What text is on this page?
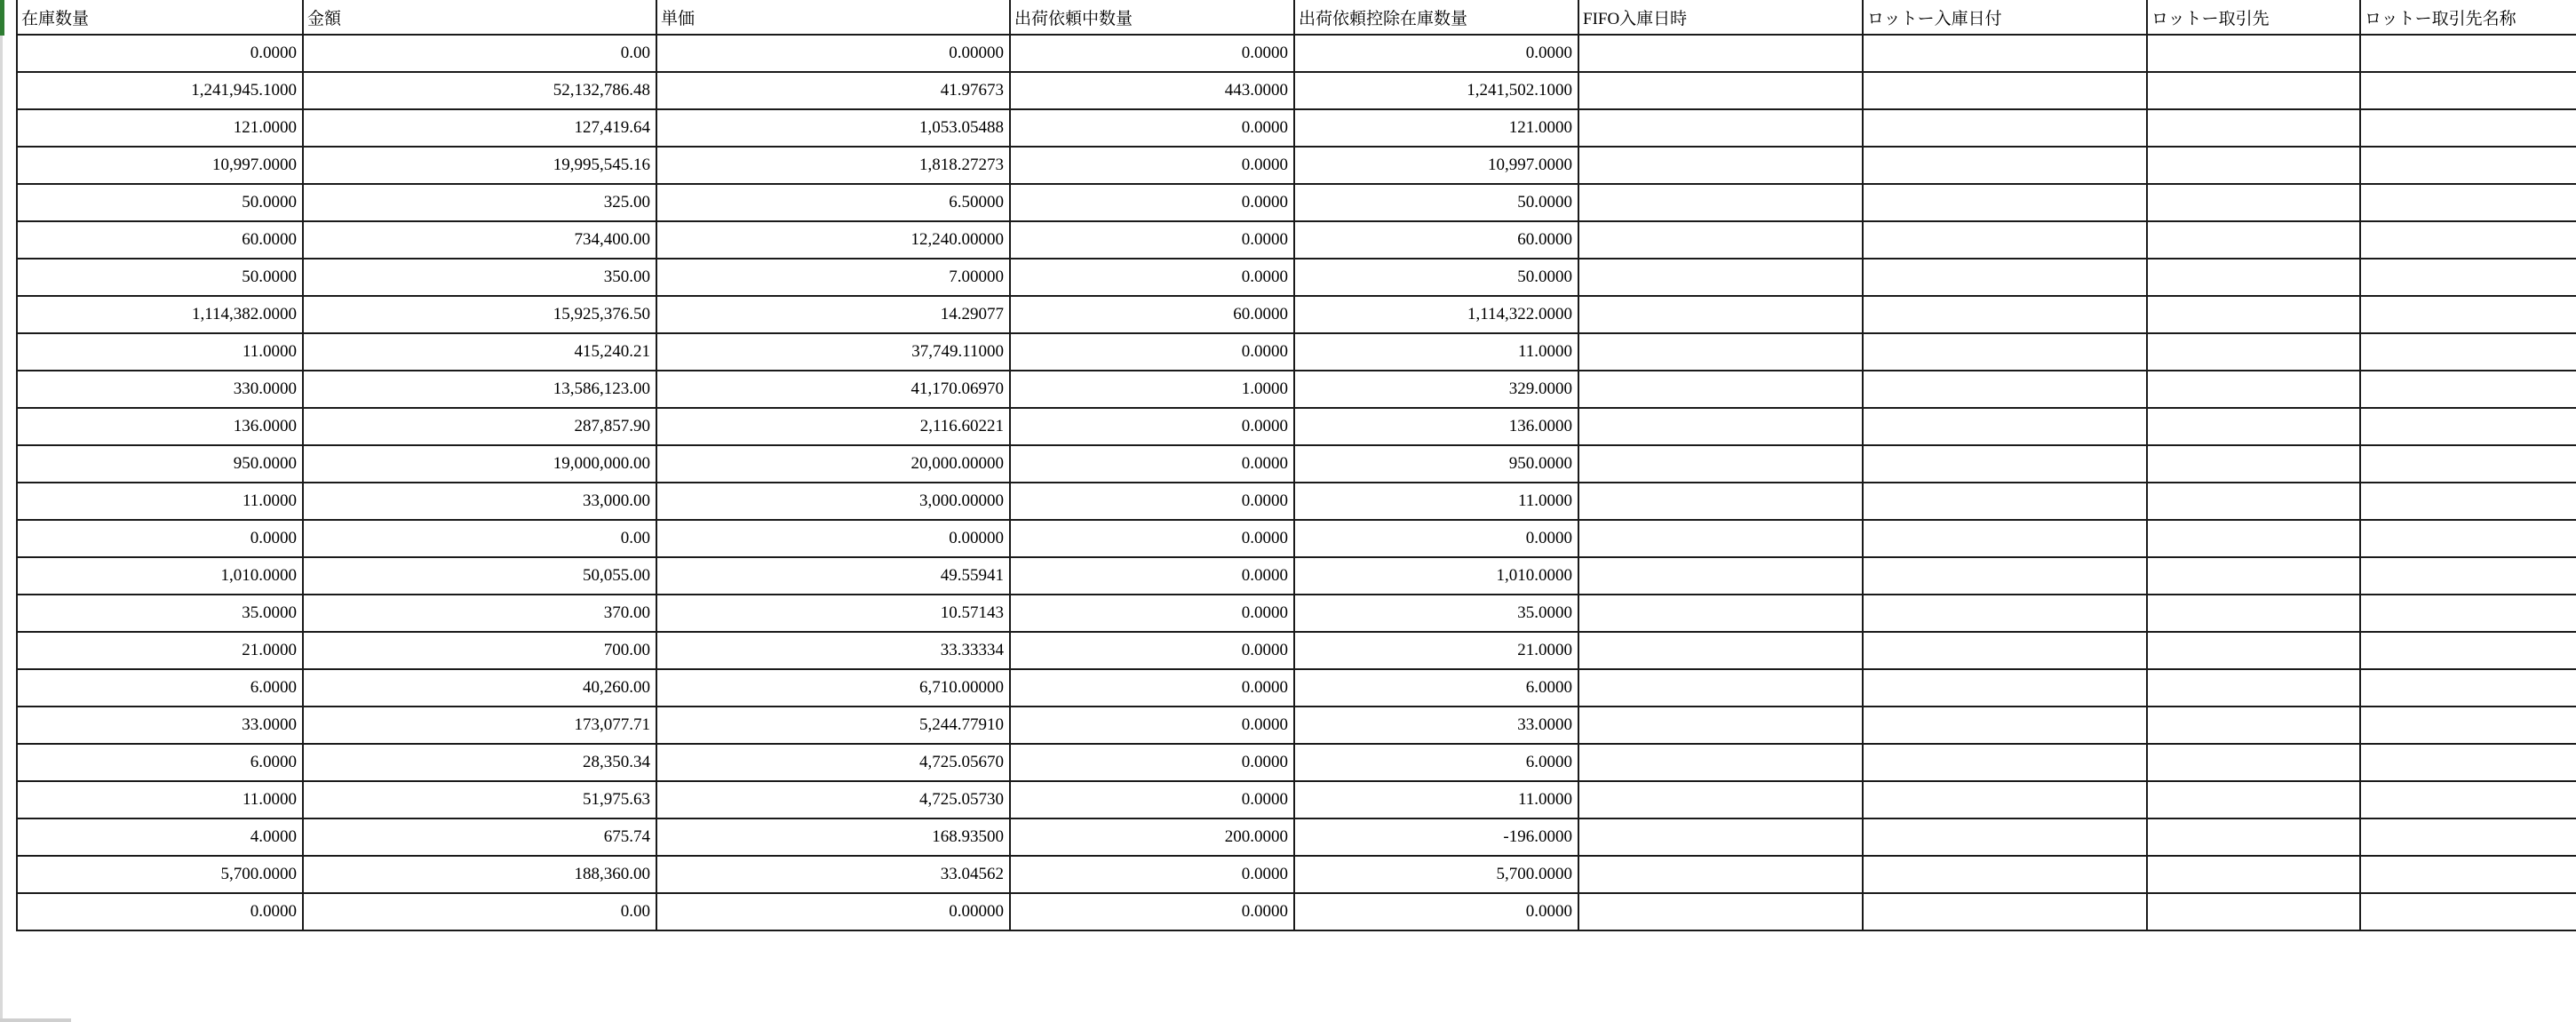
在庫数量	金額	単価	出荷依頼中数量	出荷依頼控除在庫数量	FIFO入庫日時	ロットー入庫日付	ロットー取引先	ロットー取引先名称
0.0000	0.00	0.00000	0.0000	0.0000				
1,241,945.1000	52,132,786.48	41.97673	443.0000	1,241,502.1000				
121.0000	127,419.64	1,053.05488	0.0000	121.0000				
10,997.0000	19,995,545.16	1,818.27273	0.0000	10,997.0000				
50.0000	325.00	6.50000	0.0000	50.0000				
60.0000	734,400.00	12,240.00000	0.0000	60.0000				
50.0000	350.00	7.00000	0.0000	50.0000				
1,114,382.0000	15,925,376.50	14.29077	60.0000	1,114,322.0000				
11.0000	415,240.21	37,749.11000	0.0000	11.0000				
330.0000	13,586,123.00	41,170.06970	1.0000	329.0000				
136.0000	287,857.90	2,116.60221	0.0000	136.0000				
950.0000	19,000,000.00	20,000.00000	0.0000	950.0000				
11.0000	33,000.00	3,000.00000	0.0000	11.0000				
0.0000	0.00	0.00000	0.0000	0.0000				
1,010.0000	50,055.00	49.55941	0.0000	1,010.0000				
35.0000	370.00	10.57143	0.0000	35.0000				
21.0000	700.00	33.33334	0.0000	21.0000				
6.0000	40,260.00	6,710.00000	0.0000	6.0000				
33.0000	173,077.71	5,244.77910	0.0000	33.0000				
6.0000	28,350.34	4,725.05670	0.0000	6.0000				
11.0000	51,975.63	4,725.05730	0.0000	11.0000				
4.0000	675.74	168.93500	200.0000	-196.0000				
5,700.0000	188,360.00	33.04562	0.0000	5,700.0000				
0.0000	0.00	0.00000	0.0000	0.0000				
